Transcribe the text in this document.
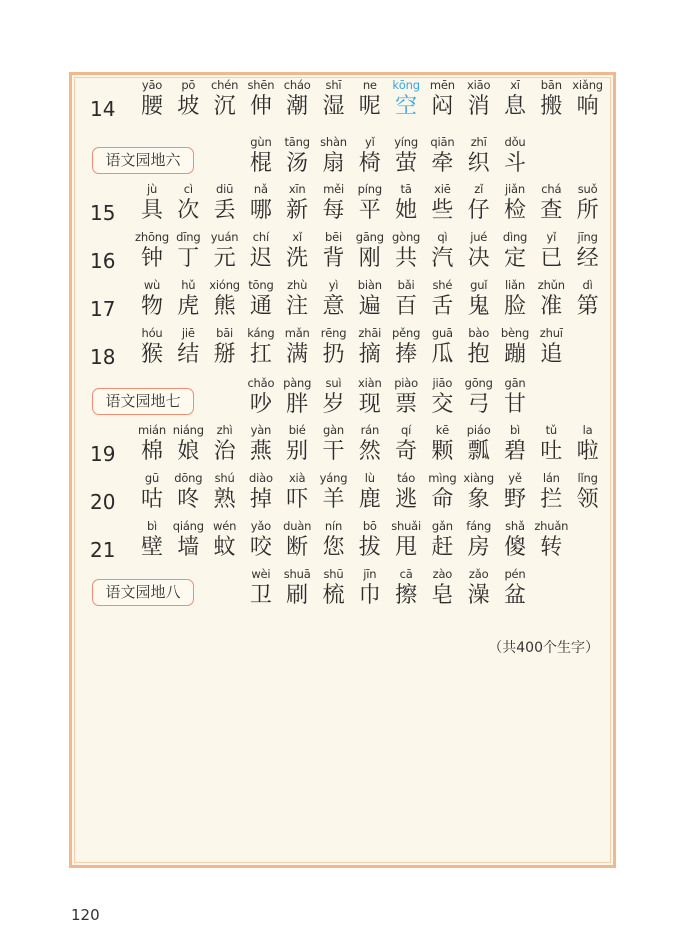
（共400个生字）
14
yāo
腰
pō
坡
chén
沉
shēn
伸
cháo
潮
shī
湿
ne
呢
kōng
空
mēn
闷
xiāo
消
xī
息
bān
搬
xiǎng
响
语文园地六
gùn
棍
tāng
汤
shàn
扇
yǐ
椅
yíng
萤
qiān
牵
zhī
织
dǒu
斗
15
jù
具
cì
次
diū
丢
nǎ
哪
xīn
新
měi
每
píng
平
tā
她
xiē
些
zǐ
仔
jiǎn
检
chá
查
suǒ
所
16
zhōng
钟
dīng
丁
yuán
元
chí
迟
xǐ
洗
bēi
背
gāng
刚
gòng
共
qì
汽
jué
决
dìng
定
yǐ
已
jīng
经
17
wù
物
hǔ
虎
xióng
熊
tōng
通
zhù
注
yì
意
biàn
遍
bǎi
百
shé
舌
guǐ
鬼
liǎn
脸
zhǔn
准
dì
第
18
hóu
猴
jiē
结
bāi
掰
káng
扛
mǎn
满
rēng
扔
zhāi
摘
pěng
捧
guā
瓜
bào
抱
bèng
蹦
zhuī
追
语文园地七
chǎo
吵
pàng
胖
suì
岁
xiàn
现
piào
票
jiāo
交
gōng
弓
gān
甘
19
mián
棉
niáng
娘
zhì
治
yàn
燕
bié
别
gàn
干
rán
然
qí
奇
kē
颗
piáo
瓢
bì
碧
tǔ
吐
la
啦
20
gū
咕
dōng
咚
shú
熟
diào
掉
xià
吓
yáng
羊
lù
鹿
táo
逃
mìng
命
xiàng
象
yě
野
lán
拦
lǐng
领
21
bì
壁
qiáng
墙
wén
蚊
yǎo
咬
duàn
断
nín
您
bō
拔
shuǎi
甩
gǎn
赶
fáng
房
shǎ
傻
zhuǎn
转
语文园地八
wèi
卫
shuā
刷
shū
梳
jīn
巾
cā
擦
zào
皂
zǎo
澡
pén
盆
120
